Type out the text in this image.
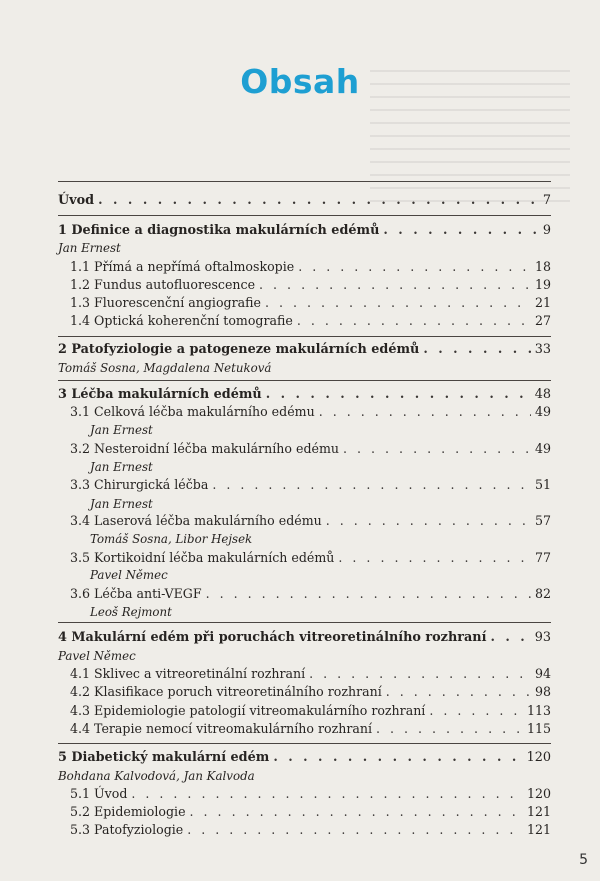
Obsah
Úvod . . .	7
1 Definice a diagnostika makulárních edémů . . .	9
Jan Ernest
1.1 Přímá a nepřímá oftalmoskopie . . .	18
1.2 Fundus autofluorescence . . .	19
1.3 Fluorescenční angiografie . . .	21
1.4 Optická koherenční tomografie . . .	27
2 Patofyziologie a patogeneze makulárních edémů . . .	33
Tomáš Sosna, Magdalena Netuková
3 Léčba makulárních edémů . . .	48
3.1 Celková léčba makulárního edému . . .	49
Jan Ernest
3.2 Nesteroidní léčba makulárního edému . . .	49
Jan Ernest
3.3 Chirurgická léčba . . .	51
Jan Ernest
3.4 Laserová léčba makulárního edému . . .	57
Tomáš Sosna, Libor Hejsek
3.5 Kortikoidní léčba makulárních edémů . . .	77
Pavel Němec
3.6 Léčba anti-VEGF . . .	82
Leoš Rejmont
4 Makulární edém při poruchách vitreoretinálního rozhraní . . .	93
Pavel Němec
4.1 Sklivec a vitreoretinální rozhraní . . .	94
4.2 Klasifikace poruch vitreoretinálního rozhraní . . .	98
4.3 Epidemiologie patologií vitreomakulárního rozhraní . . .	113
4.4 Terapie nemocí vitreomakulárního rozhraní . . .	115
5 Diabetický makulární edém . . .	120
Bohdana Kalvodová, Jan Kalvoda
5.1 Úvod . . .	120
5.2 Epidemiologie . . .	121
5.3 Patofyziologie . . .	121
5
